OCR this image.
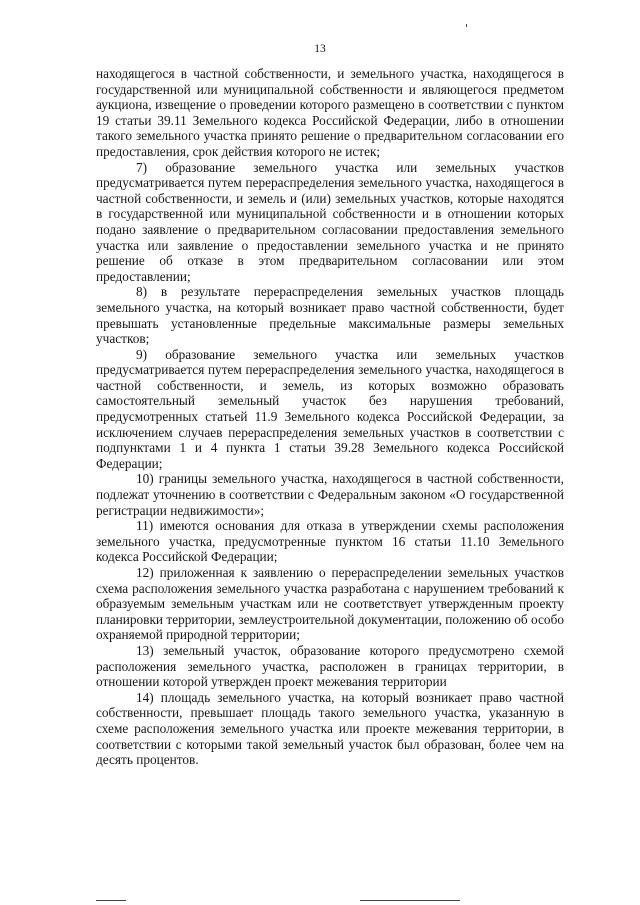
13

находящегося в частной собственности, и земельного участка, находящегося в государственной или муниципальной собственности и являющегося предметом аукциона, извещение о проведении которого размещено в соответствии с пунктом 19 статьи 39.11 Земельного кодекса Российской Федерации, либо в отношении такого земельного участка принято решение о предварительном согласовании его предоставления, срок действия которого не истек;

7) образование земельного участка или земельных участков предусматривается путем перераспределения земельного участка, находящегося в частной собственности, и земель и (или) земельных участков, которые находятся в государственной или муниципальной собственности и в отношении которых подано заявление о предварительном согласовании предоставления земельного участка или заявление о предоставлении земельного участка и не принято решение об отказе в этом предварительном согласовании или этом предоставлении;

8) в результате перераспределения земельных участков площадь земельного участка, на который возникает право частной собственности, будет превышать установленные предельные максимальные размеры земельных участков;

9) образование земельного участка или земельных участков предусматривается путем перераспределения земельного участка, находящегося в частной собственности, и земель, из которых возможно образовать самостоятельный земельный участок без нарушения требований, предусмотренных статьей 11.9 Земельного кодекса Российской Федерации, за исключением случаев перераспределения земельных участков в соответствии с подпунктами 1 и 4 пункта 1 статьи 39.28 Земельного кодекса Российской Федерации;

10) границы земельного участка, находящегося в частной собственности, подлежат уточнению в соответствии с Федеральным законом «О государственной регистрации недвижимости»;

11) имеются основания для отказа в утверждении схемы расположения земельного участка, предусмотренные пунктом 16 статьи 11.10 Земельного кодекса Российской Федерации;

12) приложенная к заявлению о перераспределении земельных участков схема расположения земельного участка разработана с нарушением требований к образуемым земельным участкам или не соответствует утвержденным проекту планировки территории, землеустроительной документации, положению об особо охраняемой природной территории;

13) земельный участок, образование которого предусмотрено схемой расположения земельного участка, расположен в границах территории, в отношении которой утвержден проект межевания территории

14) площадь земельного участка, на который возникает право частной собственности, превышает площадь такого земельного участка, указанную в схеме расположения земельного участка или проекте межевания территории, в соответствии с которыми такой земельный участок был образован, более чем на десять процентов.
